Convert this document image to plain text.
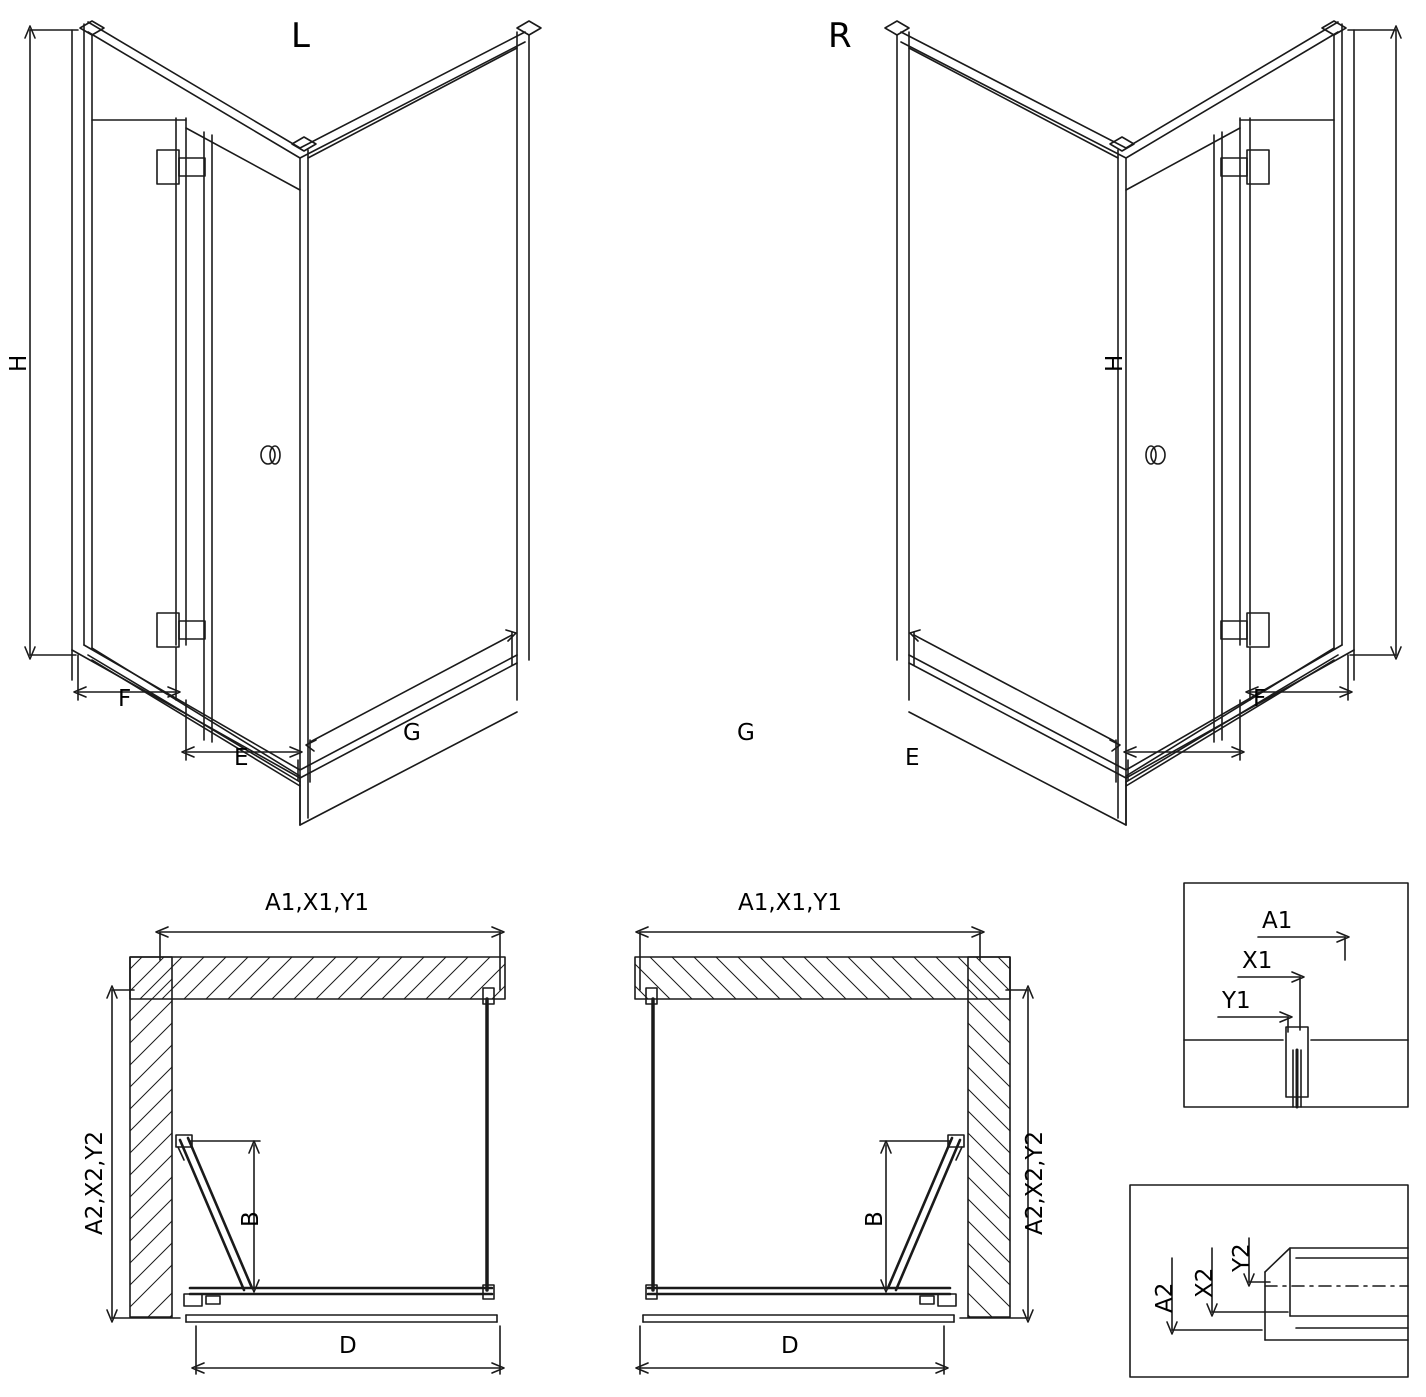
L	R
H	H
F
E
G
F
E
G
A1,X1,Y1
A2,X2,Y2	B
D
A1,X1,Y1
A2,X2,Y2
B
D
A1
X1
Y1
A2 X2
Y2
